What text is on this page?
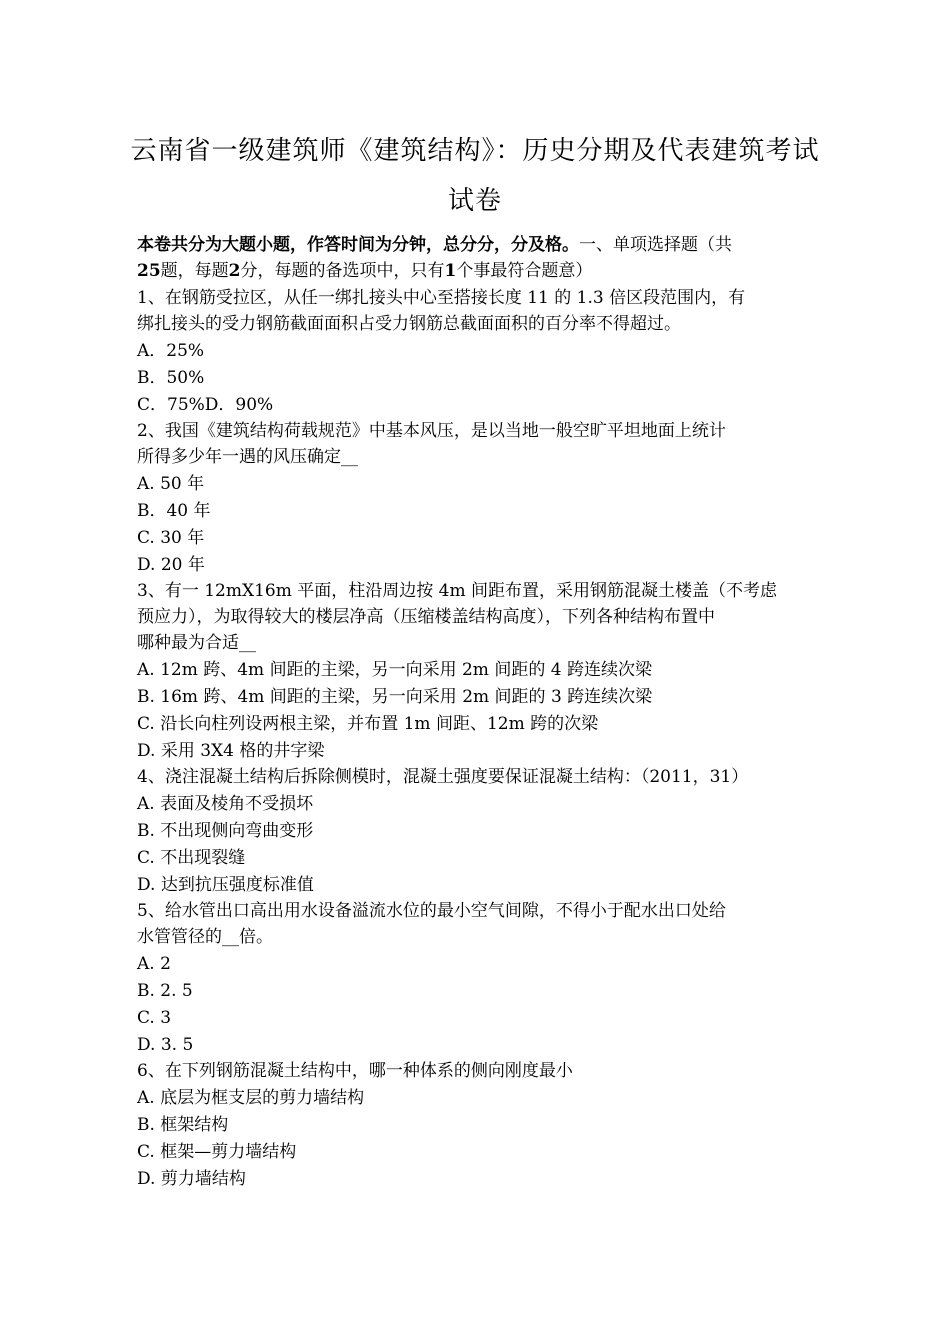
云南省一级建筑师《建筑结构》：历史分期及代表建筑考试
试卷
本卷共分为大题小题，作答时间为分钟，总分分，分及格。一、单项选择题（共
25题，每题2分，每题的备选项中，只有1个事最符合题意）
1、在钢筋受拉区，从任一绑扎接头中心至搭接长度 11 的 1.3 倍区段范围内，有
绑扎接头的受力钢筋截面面积占受力钢筋总截面面积的百分率不得超过。
A．25%
B．50%
C．75%D．90%
2、我国《建筑结构荷载规范》中基本风压，是以当地一般空旷平坦地面上统计
所得多少年一遇的风压确定__
A. 50 年
B．40 年
C. 30 年
D. 20 年
3、有一 12mX16m 平面，柱沿周边按 4m 间距布置，采用钢筋混凝土楼盖（不考虑
预应力），为取得较大的楼层净高（压缩楼盖结构高度），下列各种结构布置中
哪种最为合适__
A. 12m 跨、4m 间距的主梁，另一向采用 2m 间距的 4 跨连续次梁
B. 16m 跨、4m 间距的主梁，另一向采用 2m 间距的 3 跨连续次梁
C. 沿长向柱列设两根主梁，并布置 1m 间距、12m 跨的次梁
D. 采用 3X4 格的井字梁
4、浇注混凝土结构后拆除侧模时，混凝土强度要保证混凝土结构：（2011，31）
A. 表面及棱角不受损坏
B. 不出现侧向弯曲变形
C. 不出现裂缝
D. 达到抗压强度标准值
5、给水管出口高出用水设备溢流水位的最小空气间隙，不得小于配水出口处给
水管管径的__倍。
A. 2
B. 2. 5
C. 3
D. 3. 5
6、在下列钢筋混凝土结构中，哪一种体系的侧向刚度最小
A. 底层为框支层的剪力墙结构
B. 框架结构
C. 框架—剪力墙结构
D. 剪力墙结构
